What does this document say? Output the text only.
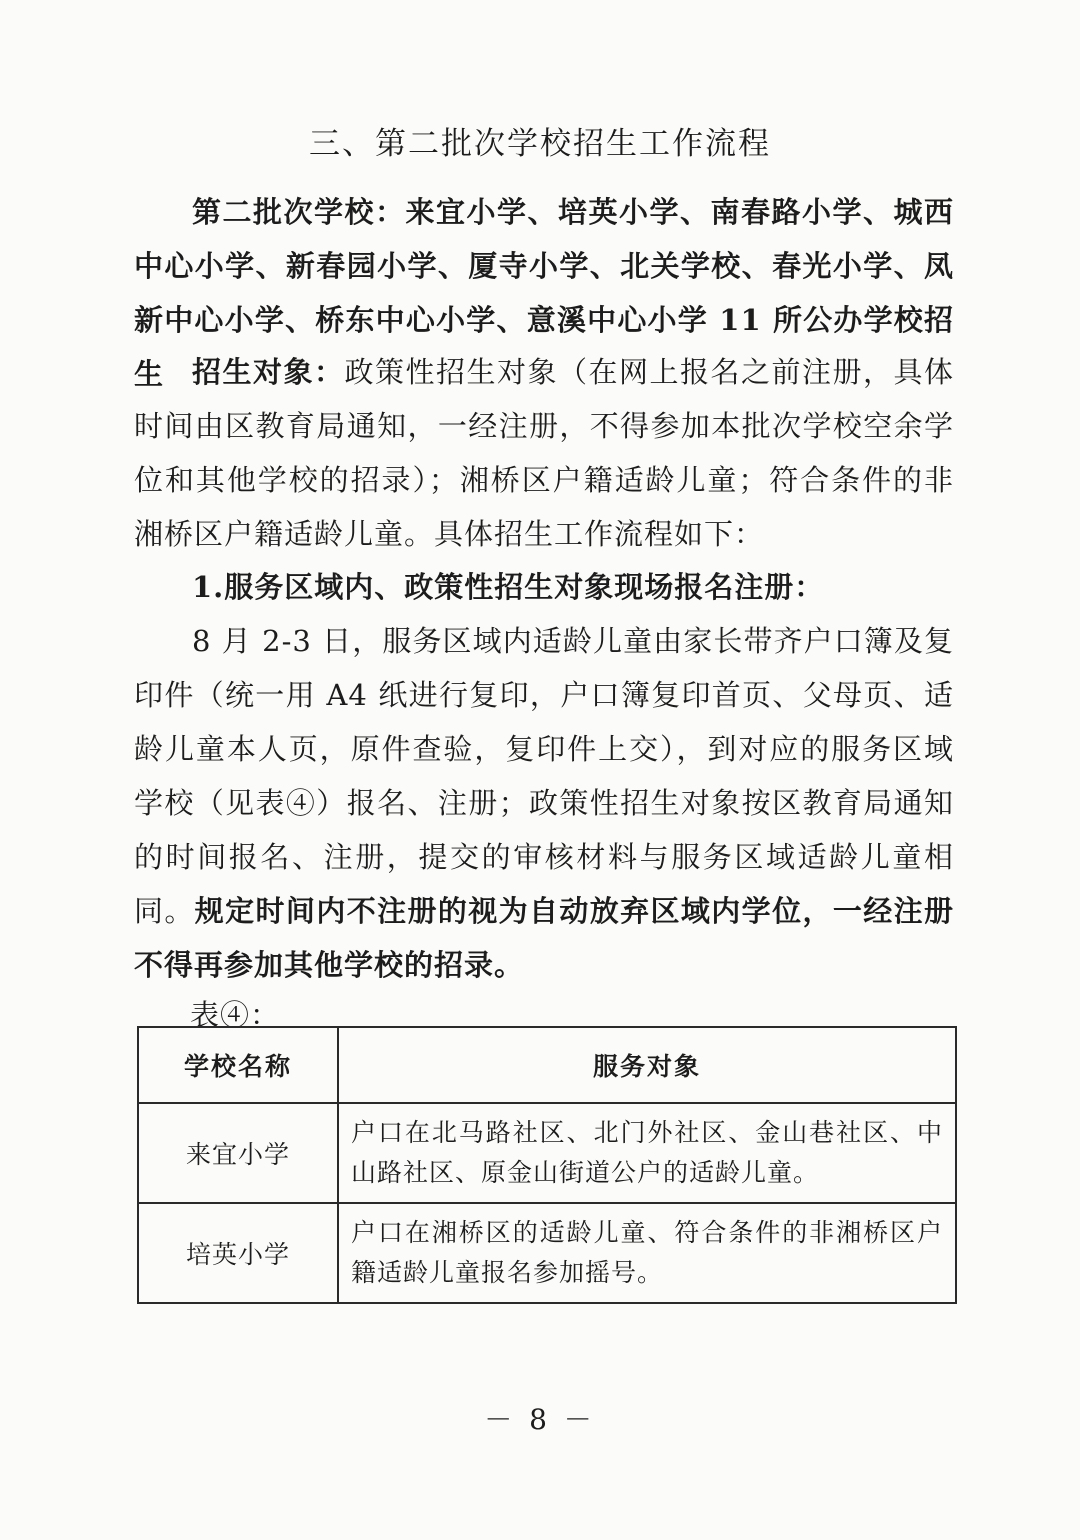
三、第二批次学校招生工作流程
第二批次学校：来宜小学、培英小学、南春路小学、城西中心小学、新春园小学、厦寺小学、北关学校、春光小学、凤新中心小学、桥东中心小学、意溪中心小学 11 所公办学校招生 招生对象：政策性招生对象（在网上报名之前注册，具体时间由区教育局通知，一经注册，不得参加本批次学校空余学位和其他学校的招录）；湘桥区户籍适龄儿童；符合条件的非湘桥区户籍适龄儿童。具体招生工作流程如下：
1.服务区域内、政策性招生对象现场报名注册：
8 月 2-3 日，服务区域内适龄儿童由家长带齐户口簿及复印件（统一用 A4 纸进行复印，户口簿复印首页、父母页、适龄儿童本人页，原件查验，复印件上交），到对应的服务区域学校（见表④）报名、注册；政策性招生对象按区教育局通知的时间报名、注册，提交的审核材料与服务区域适龄儿童相同。规定时间内不注册的视为自动放弃区域内学位，一经注册不得再参加其他学校的招录。
表④：
学校名称	服务对象
来宜小学	户口在北马路社区、北门外社区、金山巷社区、中山路社区、原金山街道公户的适龄儿童。
培英小学	户口在湘桥区的适龄儿童、符合条件的非湘桥区户籍适龄儿童报名参加摇号。
－ 8 －
